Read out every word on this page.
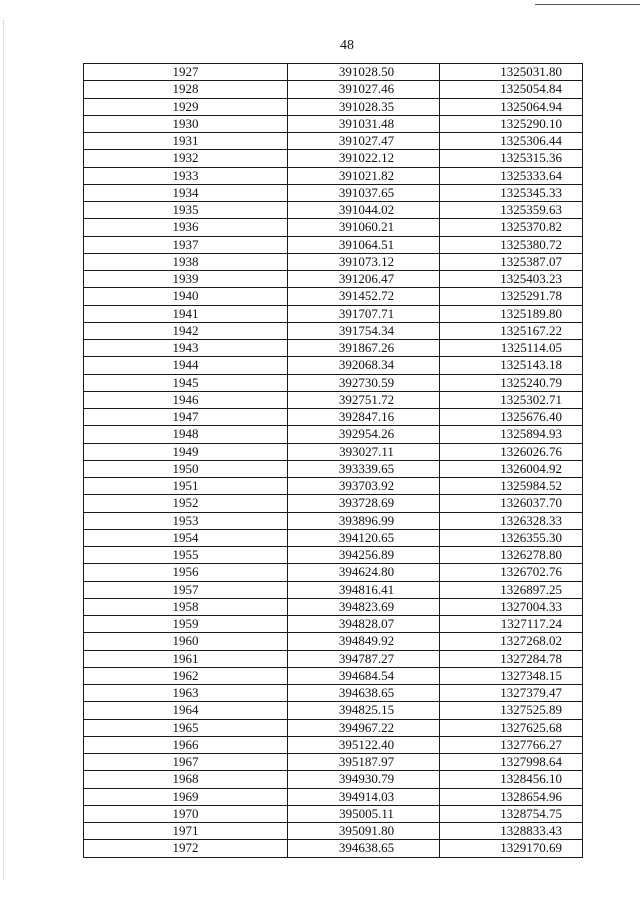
48
1927	391028.50	1325031.80
1928	391027.46	1325054.84
1929	391028.35	1325064.94
1930	391031.48	1325290.10
1931	391027.47	1325306.44
1932	391022.12	1325315.36
1933	391021.82	1325333.64
1934	391037.65	1325345.33
1935	391044.02	1325359.63
1936	391060.21	1325370.82
1937	391064.51	1325380.72
1938	391073.12	1325387.07
1939	391206.47	1325403.23
1940	391452.72	1325291.78
1941	391707.71	1325189.80
1942	391754.34	1325167.22
1943	391867.26	1325114.05
1944	392068.34	1325143.18
1945	392730.59	1325240.79
1946	392751.72	1325302.71
1947	392847.16	1325676.40
1948	392954.26	1325894.93
1949	393027.11	1326026.76
1950	393339.65	1326004.92
1951	393703.92	1325984.52
1952	393728.69	1326037.70
1953	393896.99	1326328.33
1954	394120.65	1326355.30
1955	394256.89	1326278.80
1956	394624.80	1326702.76
1957	394816.41	1326897.25
1958	394823.69	1327004.33
1959	394828.07	1327117.24
1960	394849.92	1327268.02
1961	394787.27	1327284.78
1962	394684.54	1327348.15
1963	394638.65	1327379.47
1964	394825.15	1327525.89
1965	394967.22	1327625.68
1966	395122.40	1327766.27
1967	395187.97	1327998.64
1968	394930.79	1328456.10
1969	394914.03	1328654.96
1970	395005.11	1328754.75
1971	395091.80	1328833.43
1972	394638.65	1329170.69
